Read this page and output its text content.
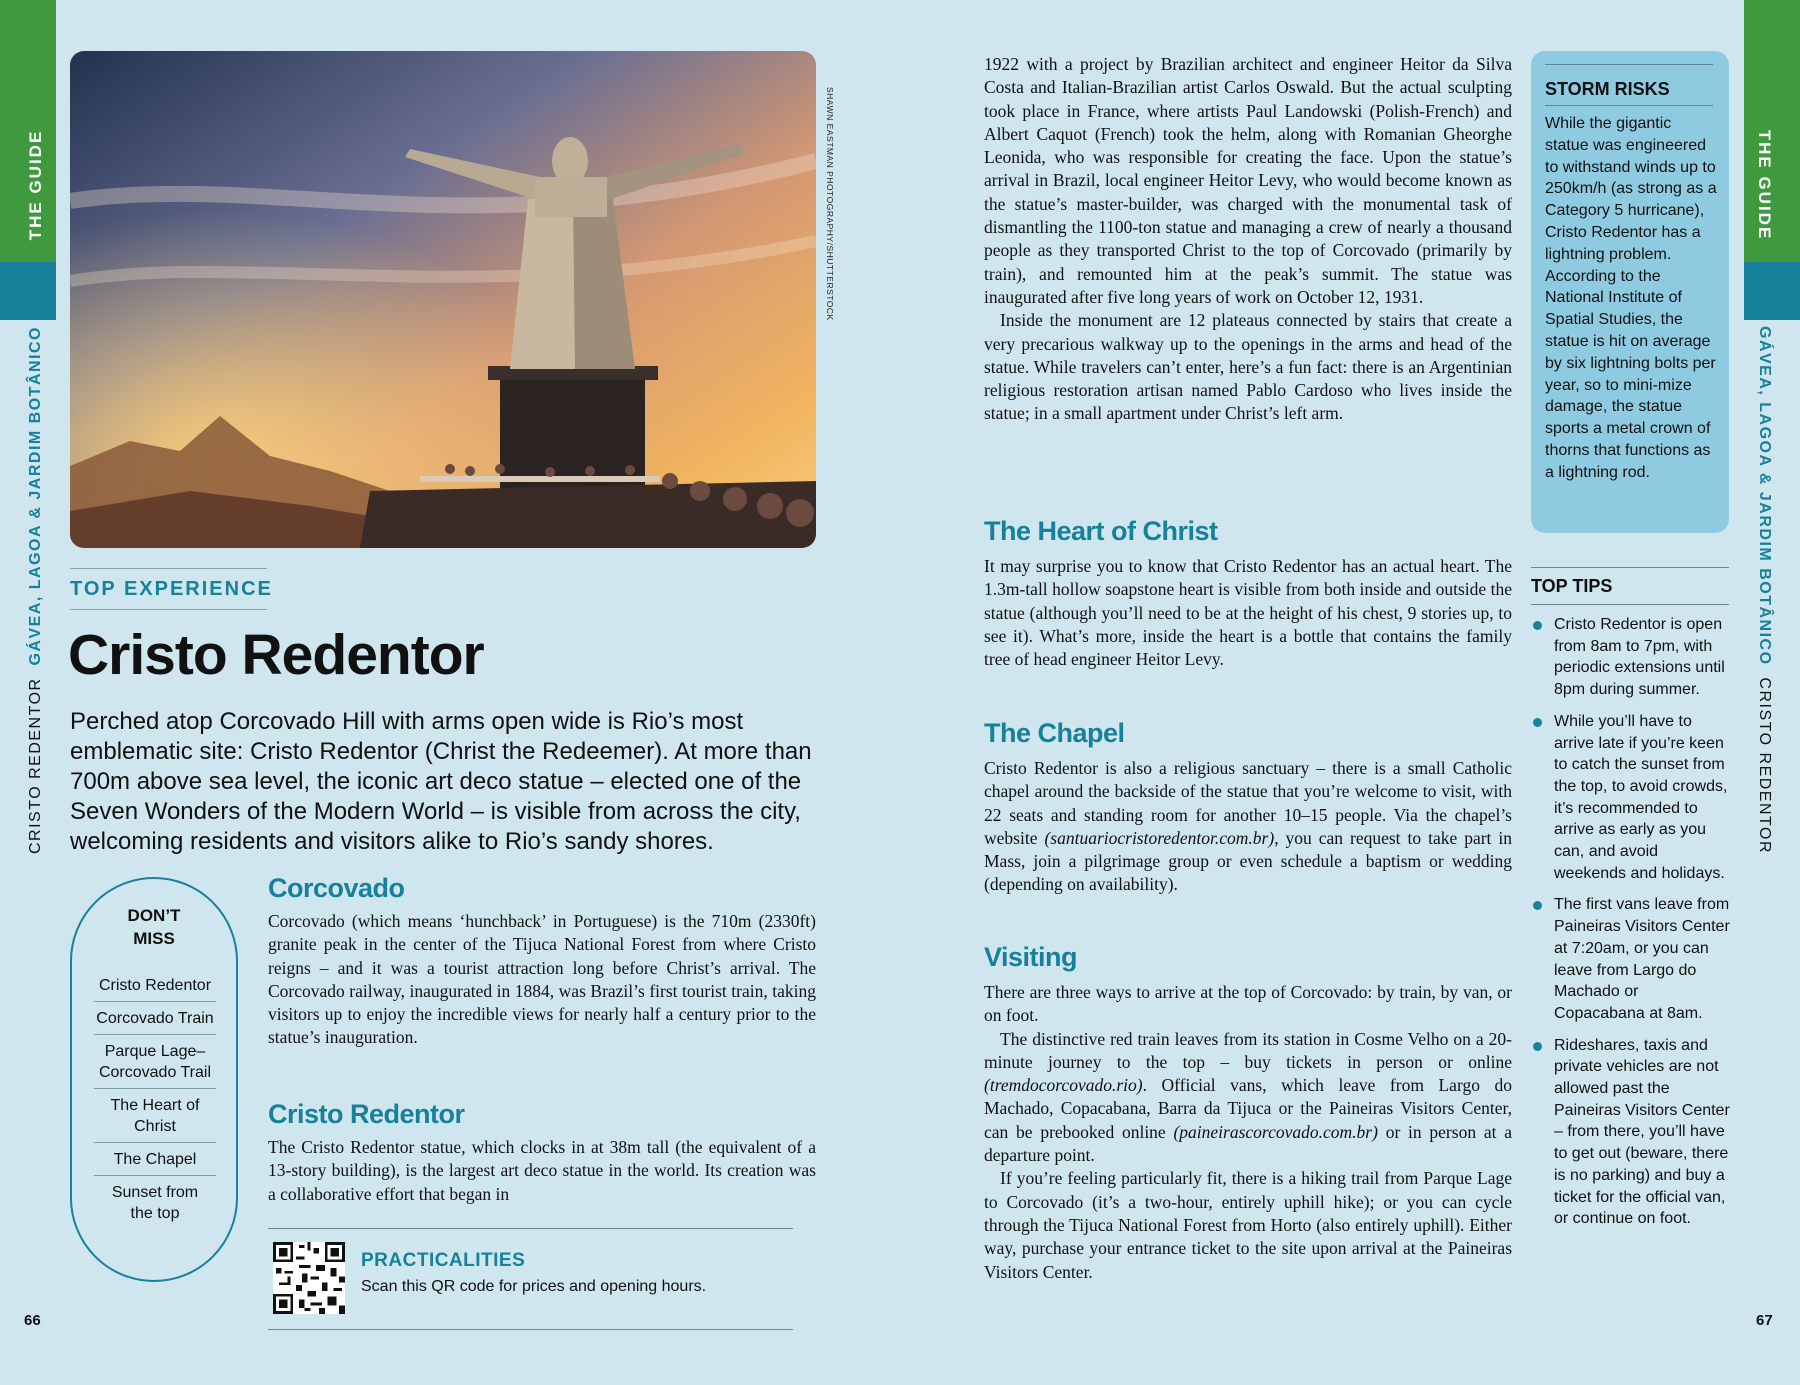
THE GUIDE	THE GUIDE
CRISTO REDENTOR  GÁVEA, LAGOA & JARDIM BOTÂNICO	GÁVEA, LAGOA & JARDIM BOTÂNICO  CRISTO REDENTOR
66	67
SHAWN EASTMAN PHOTOGRAPHY/SHUTTERSTOCK
TOP EXPERIENCE
Cristo Redentor
Perched atop Corcovado Hill with arms open wide is Rio’s most emblematic site: Cristo Redentor (Christ the Redeemer). At more than 700m above sea level, the iconic art deco statue – elected one of the Seven Wonders of the Modern World – is visible from across the city, welcoming residents and visitors alike to Rio’s sandy shores.
DON’T MISS
Cristo Redentor
Corcovado Train
Parque Lage–Corcovado Trail
The Heart of Christ
The Chapel
Sunset from the top
Corcovado
Corcovado (which means ‘hunchback’ in Portuguese) is the 710m (2330ft) granite peak in the center of the Tijuca National Forest from where Cristo reigns – and it was a tourist attraction long before Christ’s arrival. The Corcovado railway, inaugurated in 1884, was Brazil’s first tourist train, taking visitors up to enjoy the incredible views for nearly half a century prior to the statue’s inauguration.
Cristo Redentor
The Cristo Redentor statue, which clocks in at 38m tall (the equivalent of a 13-story building), is the largest art deco statue in the world. Its creation was a collaborative effort that began in
PRACTICALITIES
Scan this QR code for prices and opening hours.

1922 with a project by Brazilian architect and engineer Heitor da Silva Costa and Italian-Brazilian artist Carlos Oswald. But the actual sculpting took place in France, where artists Paul Landowski (Polish-French) and Albert Caquot (French) took the helm, along with Romanian Gheorghe Leonida, who was responsible for creating the face. Upon the statue’s arrival in Brazil, local engineer Heitor Levy, who would become known as the statue’s master-builder, was charged with the monumental task of dismantling the 1100-ton statue and managing a crew of nearly a thousand people as they transported Christ to the top of Corcovado (primarily by train), and remounted him at the peak’s summit. The statue was inaugurated after five long years of work on October 12, 1931.

Inside the monument are 12 plateaus connected by stairs that create a very precarious walkway up to the openings in the arms and head of the statue. While travelers can’t enter, here’s a fun fact: there is an Argentinian religious restoration artisan named Pablo Cardoso who lives inside the statue; in a small apartment under Christ’s left arm.

The Heart of Christ
It may surprise you to know that Cristo Redentor has an actual heart. The 1.3m-tall hollow soapstone heart is visible from both inside and outside the statue (although you’ll need to be at the height of his chest, 9 stories up, to see it). What’s more, inside the heart is a bottle that contains the family tree of head engineer Heitor Levy.
The Chapel
Cristo Redentor is also a religious sanctuary – there is a small Catholic chapel around the backside of the statue that you’re welcome to visit, with 22 seats and standing room for another 10–15 people. Via the chapel’s website (santuariocristoredentor.com.br), you can request to take part in Mass, join a pilgrimage group or even schedule a baptism or wedding (depending on availability).
Visiting

There are three ways to arrive at the top of Corcovado: by train, by van, or on foot.

The distinctive red train leaves from its station in Cosme Velho on a 20-minute journey to the top – buy tickets in person or online (tremdocorcovado.rio). Official vans, which leave from Largo do Machado, Copacabana, Barra da Tijuca or the Paineiras Visitors Center, can be prebooked online (paineirascorcovado.com.br) or in person at a departure point.

If you’re feeling particularly fit, there is a hiking trail from Parque Lage to Corcovado (it’s a two-hour, entirely uphill hike); or you can cycle through the Tijuca National Forest from Horto (also entirely uphill). Either way, purchase your entrance ticket to the site upon arrival at the Paineiras Visitors Center.

STORM RISKS
While the gigantic statue was engineered to withstand winds up to 250km/h (as strong as a Category 5 hurricane), Cristo Redentor has a lightning problem. According to the National Institute of Spatial Studies, the statue is hit on average by six lightning bolts per year, so to mini-mize damage, the statue sports a metal crown of thorns that functions as a lightning rod.
TOP TIPS
Cristo Redentor is open from 8am to 7pm, with periodic extensions until 8pm during summer.
While you’ll have to arrive late if you’re keen to catch the sunset from the top, to avoid crowds, it’s recommended to arrive as early as you can, and avoid weekends and holidays.
The first vans leave from Paineiras Visitors Center at 7:20am, or you can leave from Largo do Machado or Copacabana at 8am.
Rideshares, taxis and private vehicles are not allowed past the Paineiras Visitors Center – from there, you’ll have to get out (beware, there is no parking) and buy a ticket for the official van, or continue on foot.
